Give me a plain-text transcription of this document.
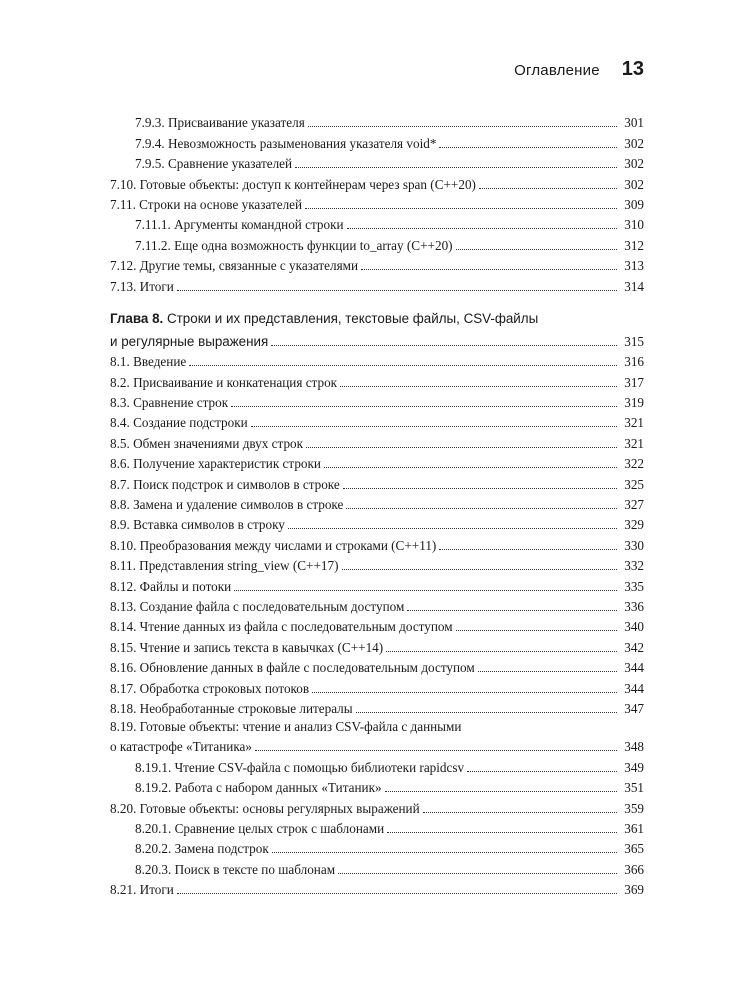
Оглавление 13
7.9.3. Присваивание указателя	301
7.9.4. Невозможность разыменования указателя void*	302
7.9.5. Сравнение указателей	302
7.10. Готовые объекты: доступ к контейнерам через span (C++20)	302
7.11. Строки на основе указателей	309
7.11.1. Аргументы командной строки	310
7.11.2. Еще одна возможность функции to_array (C++20)	312
7.12. Другие темы, связанные с указателями	313
7.13. Итоги	314
Глава 8. Строки и их представления, текстовые файлы, CSV-файлы
и регулярные выражения	315
8.1. Введение	316
8.2. Присваивание и конкатенация строк	317
8.3. Сравнение строк	319
8.4. Создание подстроки	321
8.5. Обмен значениями двух строк	321
8.6. Получение характеристик строки	322
8.7. Поиск подстрок и символов в строке	325
8.8. Замена и удаление символов в строке	327
8.9. Вставка символов в строку	329
8.10. Преобразования между числами и строками (C++11)	330
8.11. Представления string_view (C++17)	332
8.12. Файлы и потоки	335
8.13. Создание файла с последовательным доступом	336
8.14. Чтение данных из файла с последовательным доступом	340
8.15. Чтение и запись текста в кавычках (C++14)	342
8.16. Обновление данных в файле с последовательным доступом	344
8.17. Обработка строковых потоков	344
8.18. Необработанные строковые литералы	347
8.19. Готовые объекты: чтение и анализ CSV-файла с данными
о катастрофе «Титаника»	348
8.19.1. Чтение CSV-файла с помощью библиотеки rapidcsv	349
8.19.2. Работа с набором данных «Титаник»	351
8.20. Готовые объекты: основы регулярных выражений	359
8.20.1. Сравнение целых строк с шаблонами	361
8.20.2. Замена подстрок	365
8.20.3. Поиск в тексте по шаблонам	366
8.21. Итоги	369
